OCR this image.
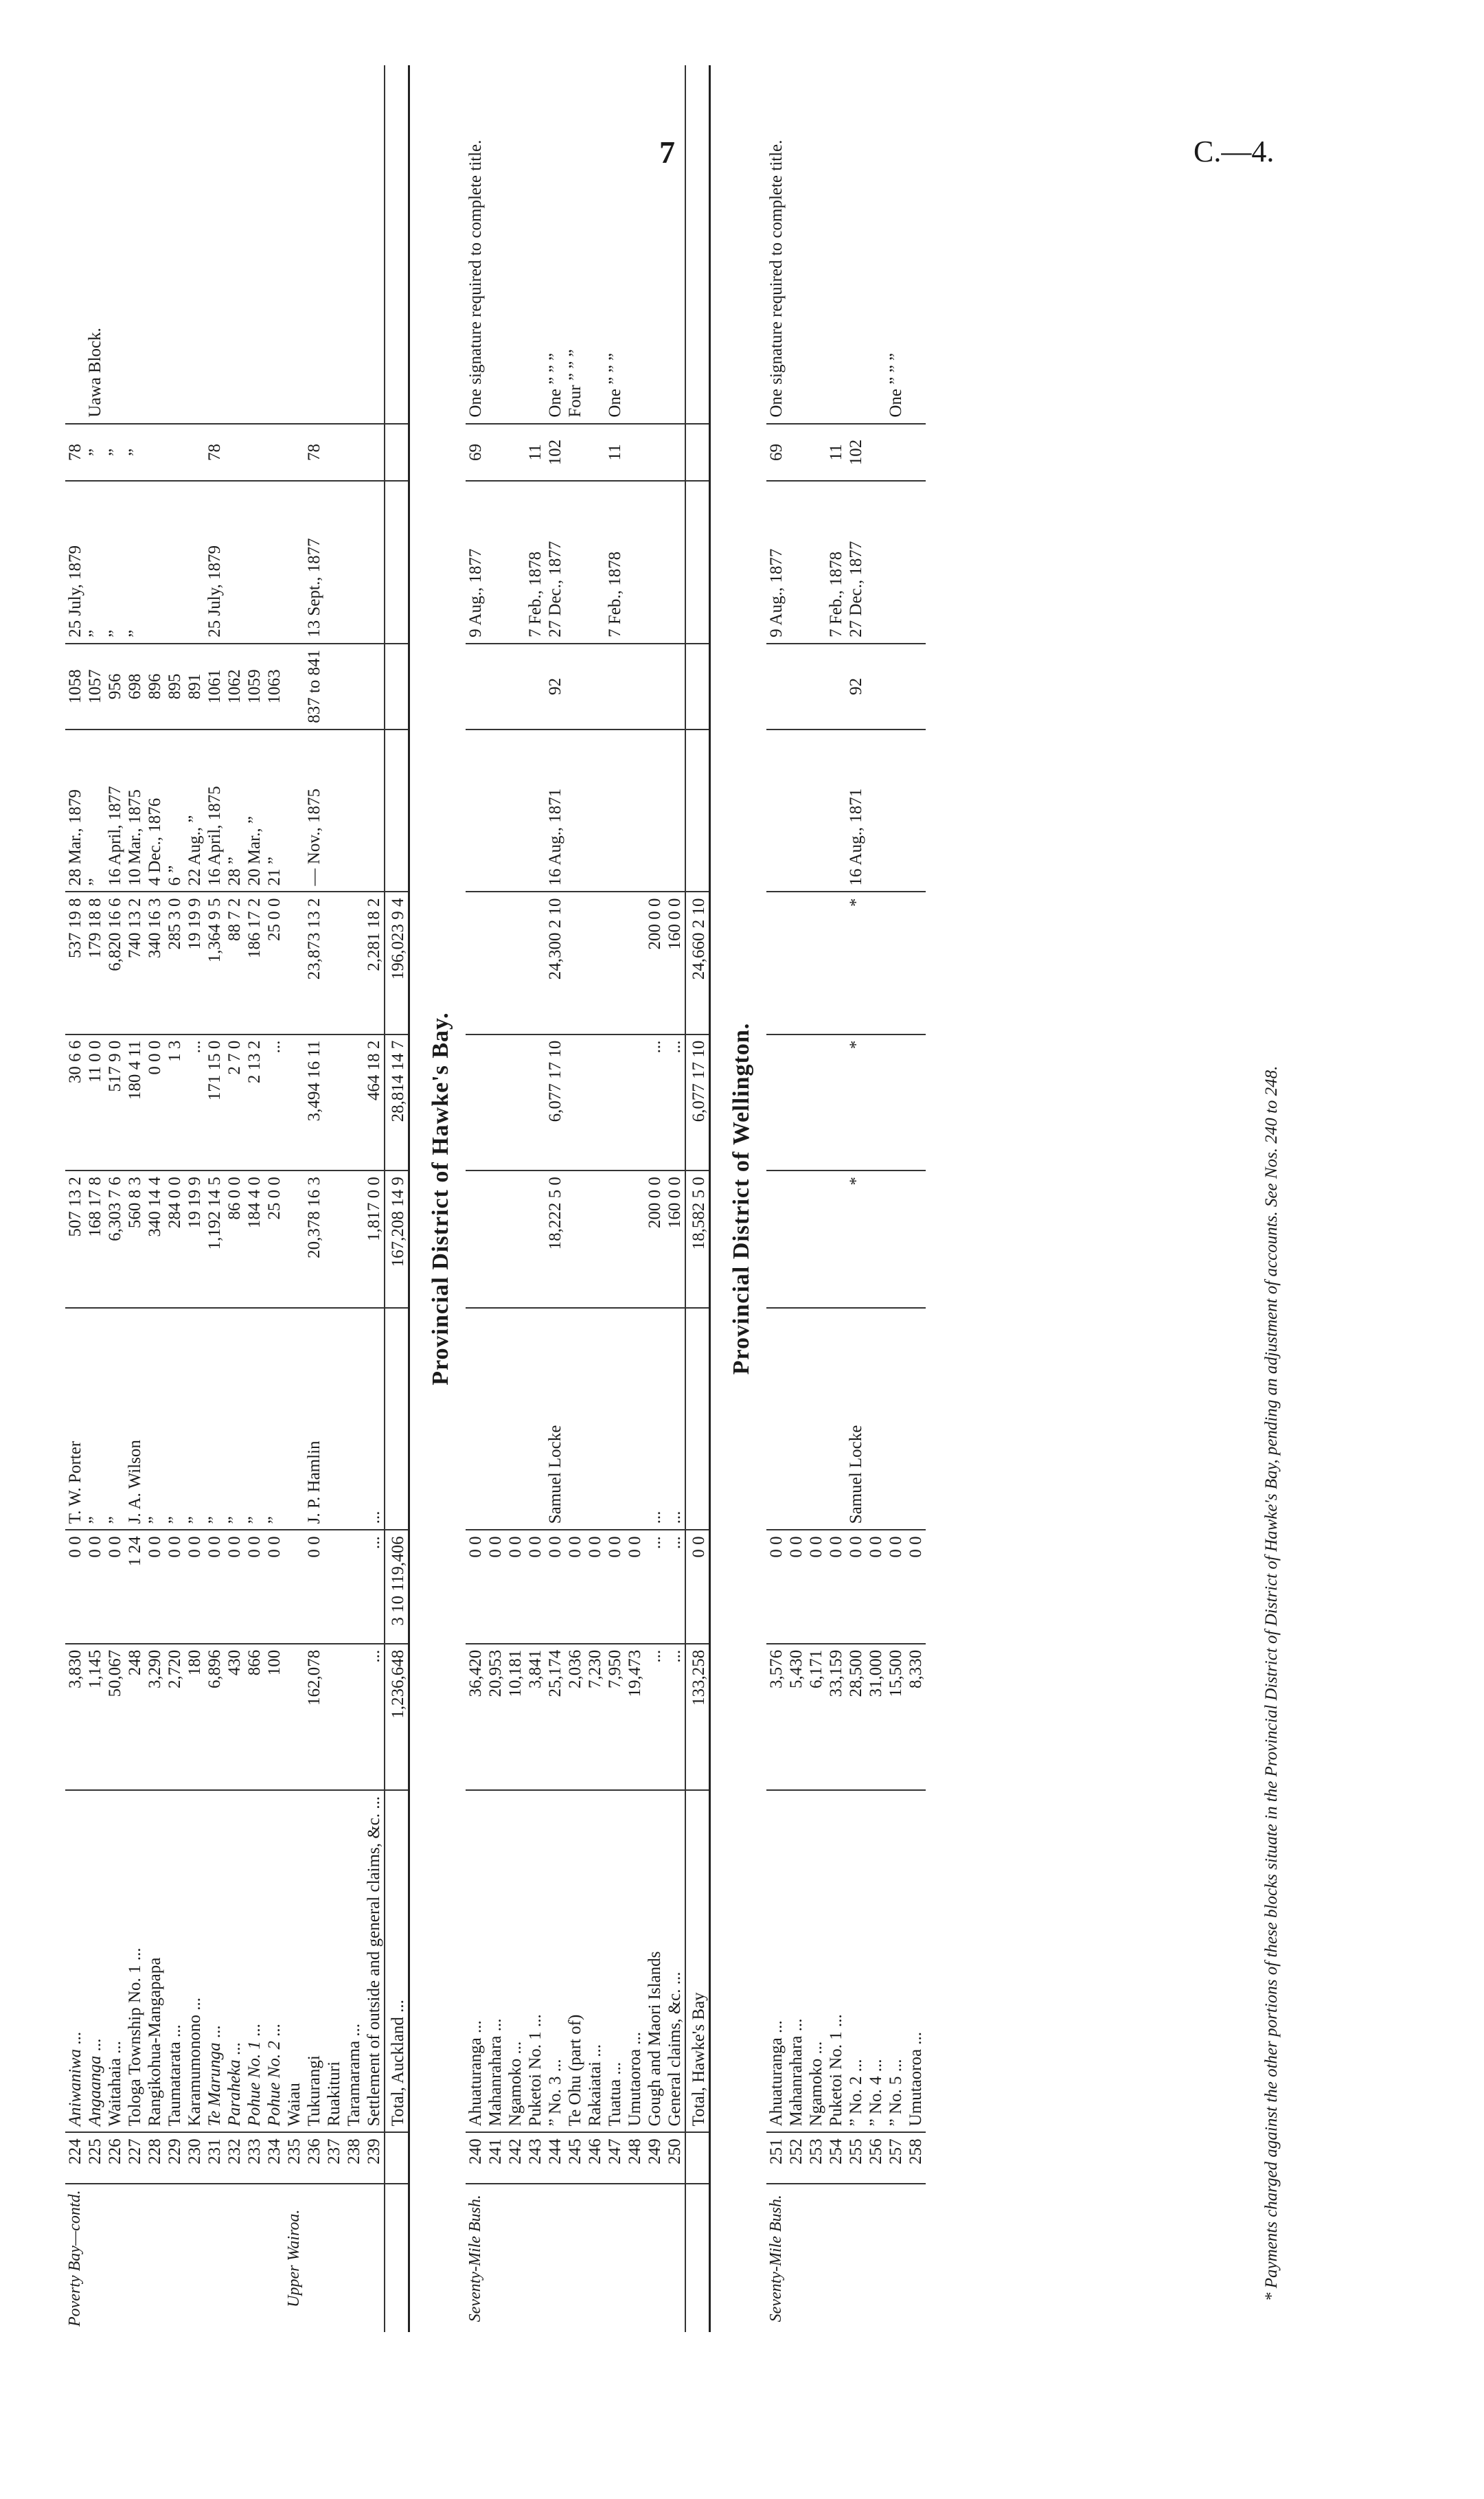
7	C.—4.
Poverty Bay—contd.	224	Aniwaniwa ...	3,830	0 0	T. W. Porter	507 13 2	30 6 6	537 19 8	28 Mar., 1879	1058	25 July, 1879	78	
	225	Angaanga ...	1,145	0 0	”	168 17 8	11 0 0	179 18 8	”	1057	”	”	Uawa Block.
	226	Waitahaia ...	50,067	0 0	”	6,303 7 6	517 9 0	6,820 16 6	16 April, 1877	956	”	”	
	227	Tologa Township No. 1 ...	248	1 24	J. A. Wilson	560 8 3	180 4 11	740 13 2	10 Mar., 1875	698	”	”	
	228	Rangikohua-Mangapapa	3,290	0 0	”	340 14 4	0 0 0	340 16 3	4 Dec., 1876	896			
	229	Taumatarata ...	2,720	0 0	”	284 0 0	1 3	285 3 0	6 ”	895			
	230	Karamumonono ...	180	0 0	”	19 19 9	...	19 19 9	22 Aug., ”	891			
	231	Te Marunga ...	6,896	0 0	”	1,192 14 5	171 15 0	1,364 9 5	16 April, 1875	1061	25 July, 1879	78	
	232	Paraheka ...	430	0 0	”	86 0 0	2 7 0	88 7 2	28 ”	1062			
	233	Pohue No. 1 ...	866	0 0	”	184 4 0	2 13 2	186 17 2	20 Mar., ”	1059			
	234	Pohue No. 2 ...	100	0 0	”	25 0 0	...	25 0 0	21 ”	1063			
Upper Wairoa.	235	Waiau											
	236	Tukurangi	162,078	0 0	J. P. Hamlin	20,378 16 3	3,494 16 11	23,873 13 2	— Nov., 1875	837 to 841	13 Sept., 1877	78	
	237	Ruakituri											
	238	Taramarama ...											
	239	Settlement of outside and general claims, &c. ...	...	...	...	1,817 0 0	464 18 2	2,281 18 2					
		Total, Auckland ...	1,236,648	3 10 119,406		167,208 14 9	28,814 14 7	196,023 9 4					

Provincial District of Hawke's Bay.													
Seventy-Mile Bush.	240	Ahuaturanga ...	36,420	0 0							9 Aug., 1877	69	One signature required to complete title.
	241	Mahanrahara ...	20,953	0 0									
	242	Ngamoko ...	10,181	0 0									
	243	Puketoi No. 1 ...	3,841	0 0							7 Feb., 1878	11	
	244	” No. 3 ...	25,174	0 0	Samuel Locke	18,222 5 0	6,077 17 10	24,300 2 10	16 Aug., 1871	92	27 Dec., 1877	102	One ” ” ”
	245	Te Ohu (part of)	2,036	0 0									Four ” ” ”
	246	Rakaiatai ...	7,230	0 0									
	247	Tuatua ...	7,950	0 0							7 Feb., 1878	11	One ” ” ”
	248	Umutaoroa ...	19,473	0 0									
	249	Gough and Maori Islands	...	...	...	200 0 0	...	200 0 0					
	250	General claims, &c. ...	...	...	...	160 0 0	...	160 0 0					
		Total, Hawke's Bay	133,258	0 0		18,582 5 0	6,077 17 10	24,660 2 10					

Provincial District of Wellington.													
Seventy-Mile Bush.	251	Ahuaturanga ...	3,576	0 0							9 Aug., 1877	69	One signature required to complete title.
	252	Mahanrahara ...	5,430	0 0									
	253	Ngamoko ...	6,171	0 0									
	254	Puketoi No. 1 ...	33,159	0 0							7 Feb., 1878	11	
	255	” No. 2 ...	28,500	0 0	Samuel Locke	*	*	*	16 Aug., 1871	92	27 Dec., 1877	102	
	256	” No. 4 ...	31,000	0 0									
	257	” No. 5 ...	15,500	0 0									One ” ” ”
	258	Umutaoroa ...	8,330	0 0										* Payments charged against the other portions of these blocks situate in the Provincial District of District of Hawke's Bay, pending an adjustment of accounts. See Nos. 240 to 248.
